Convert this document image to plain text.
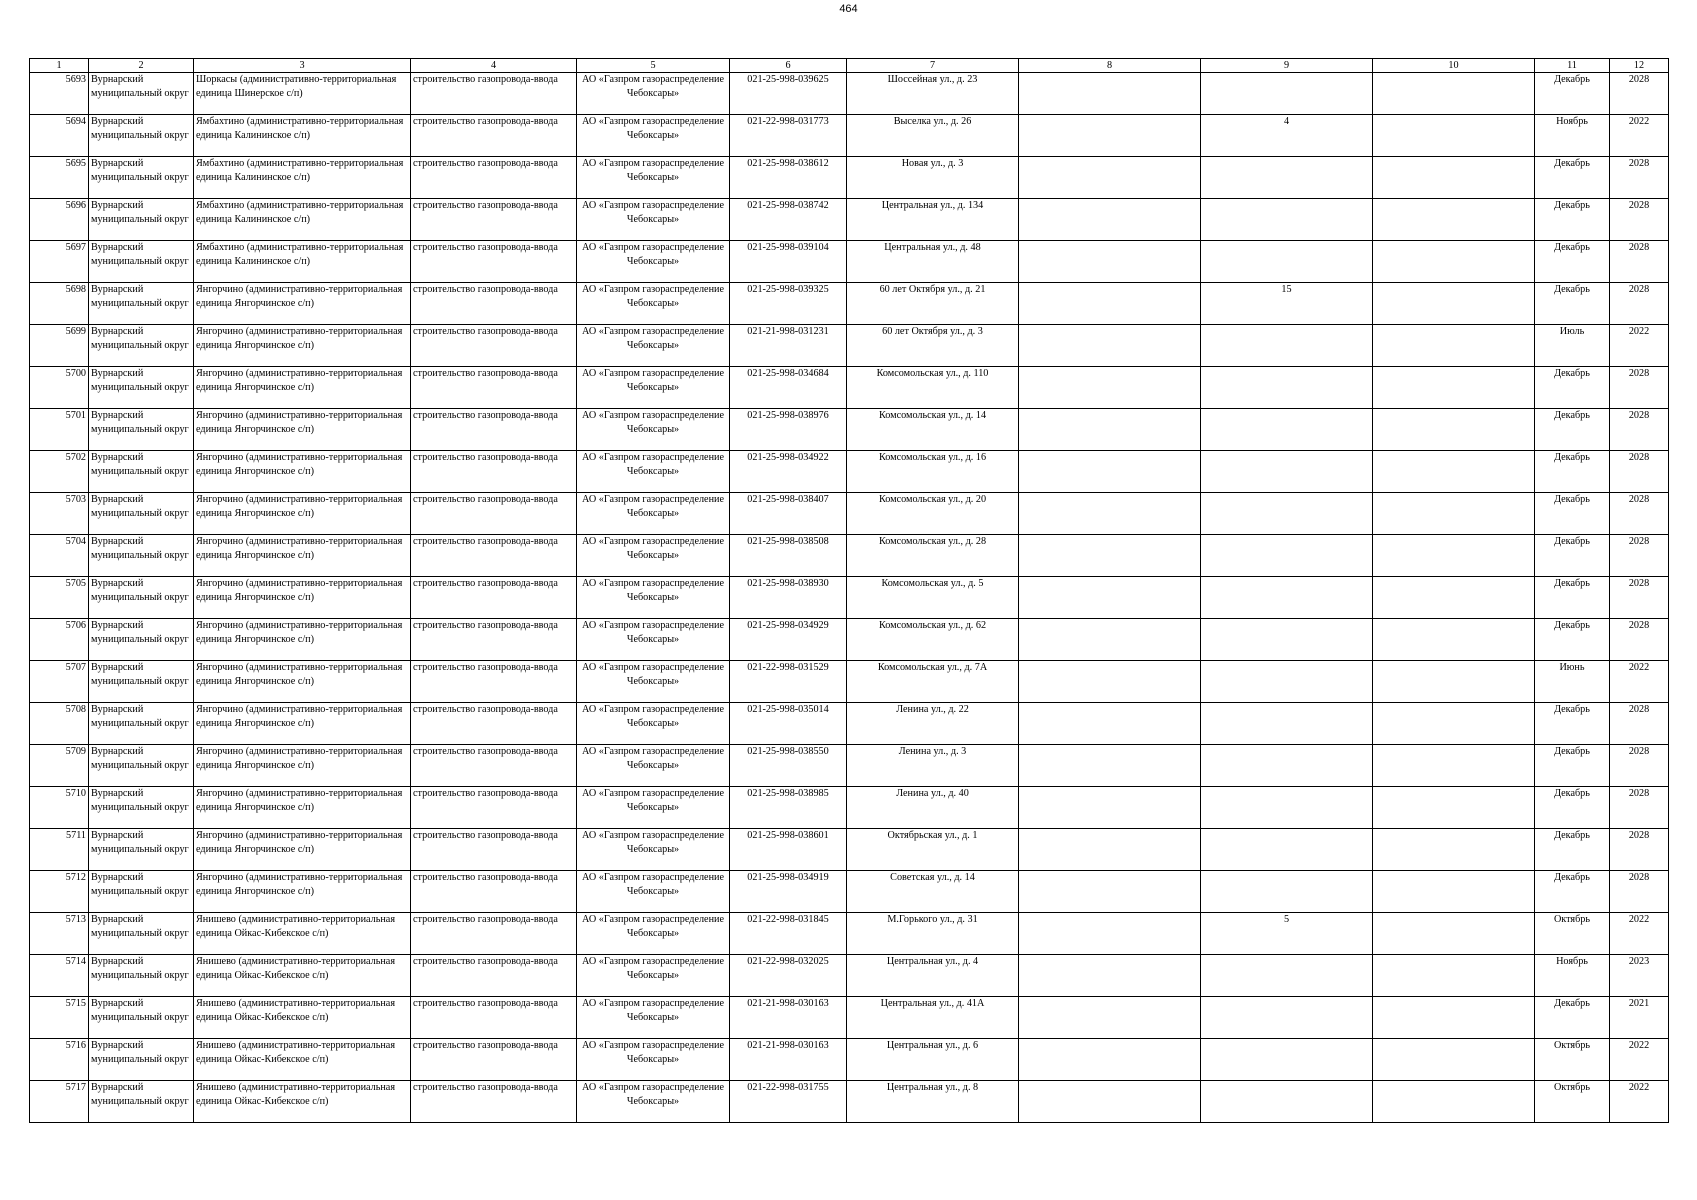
464
1	2	3	4	5	6	7	8	9	10	11	12

5693	Вурнарский муниципальный округ	Шоркасы (административно-территориальная единица Шинерское с/п)	строительство газопровода-ввода	АО «Газпром газораспределение Чебоксары»	021-25-998-039625	Шоссейная ул., д. 23				Декабрь	2028

5694	Вурнарский муниципальный округ	Ямбахтино (административно-территориальная единица Калининское с/п)	строительство газопровода-ввода	АО «Газпром газораспределение Чебоксары»	021-22-998-031773	Выселка ул., д. 26		4		Ноябрь	2022

5695	Вурнарский муниципальный округ	Ямбахтино (административно-территориальная единица Калининское с/п)	строительство газопровода-ввода	АО «Газпром газораспределение Чебоксары»	021-25-998-038612	Новая ул., д. 3				Декабрь	2028

5696	Вурнарский муниципальный округ	Ямбахтино (административно-территориальная единица Калининское с/п)	строительство газопровода-ввода	АО «Газпром газораспределение Чебоксары»	021-25-998-038742	Центральная ул., д. 134				Декабрь	2028

5697	Вурнарский муниципальный округ	Ямбахтино (административно-территориальная единица Калининское с/п)	строительство газопровода-ввода	АО «Газпром газораспределение Чебоксары»	021-25-998-039104	Центральная ул., д. 48				Декабрь	2028

5698	Вурнарский муниципальный округ	Янгорчино (административно-территориальная единица Янгорчинское с/п)	строительство газопровода-ввода	АО «Газпром газораспределение Чебоксары»	021-25-998-039325	60 лет Октября ул., д. 21		15		Декабрь	2028

5699	Вурнарский муниципальный округ	Янгорчино (административно-территориальная единица Янгорчинское с/п)	строительство газопровода-ввода	АО «Газпром газораспределение Чебоксары»	021-21-998-031231	60 лет Октября ул., д. 3				Июль	2022

5700	Вурнарский муниципальный округ	Янгорчино (административно-территориальная единица Янгорчинское с/п)	строительство газопровода-ввода	АО «Газпром газораспределение Чебоксары»	021-25-998-034684	Комсомольская ул., д. 110				Декабрь	2028

5701	Вурнарский муниципальный округ	Янгорчино (административно-территориальная единица Янгорчинское с/п)	строительство газопровода-ввода	АО «Газпром газораспределение Чебоксары»	021-25-998-038976	Комсомольская ул., д. 14				Декабрь	2028

5702	Вурнарский муниципальный округ	Янгорчино (административно-территориальная единица Янгорчинское с/п)	строительство газопровода-ввода	АО «Газпром газораспределение Чебоксары»	021-25-998-034922	Комсомольская ул., д. 16				Декабрь	2028

5703	Вурнарский муниципальный округ	Янгорчино (административно-территориальная единица Янгорчинское с/п)	строительство газопровода-ввода	АО «Газпром газораспределение Чебоксары»	021-25-998-038407	Комсомольская ул., д. 20				Декабрь	2028

5704	Вурнарский муниципальный округ	Янгорчино (административно-территориальная единица Янгорчинское с/п)	строительство газопровода-ввода	АО «Газпром газораспределение Чебоксары»	021-25-998-038508	Комсомольская ул., д. 28				Декабрь	2028

5705	Вурнарский муниципальный округ	Янгорчино (административно-территориальная единица Янгорчинское с/п)	строительство газопровода-ввода	АО «Газпром газораспределение Чебоксары»	021-25-998-038930	Комсомольская ул., д. 5				Декабрь	2028

5706	Вурнарский муниципальный округ	Янгорчино (административно-территориальная единица Янгорчинское с/п)	строительство газопровода-ввода	АО «Газпром газораспределение Чебоксары»	021-25-998-034929	Комсомольская ул., д. 62				Декабрь	2028

5707	Вурнарский муниципальный округ	Янгорчино (административно-территориальная единица Янгорчинское с/п)	строительство газопровода-ввода	АО «Газпром газораспределение Чебоксары»	021-22-998-031529	Комсомольская ул., д. 7А				Июнь	2022

5708	Вурнарский муниципальный округ	Янгорчино (административно-территориальная единица Янгорчинское с/п)	строительство газопровода-ввода	АО «Газпром газораспределение Чебоксары»	021-25-998-035014	Ленина ул., д. 22				Декабрь	2028

5709	Вурнарский муниципальный округ	Янгорчино (административно-территориальная единица Янгорчинское с/п)	строительство газопровода-ввода	АО «Газпром газораспределение Чебоксары»	021-25-998-038550	Ленина ул., д. 3				Декабрь	2028

5710	Вурнарский муниципальный округ	Янгорчино (административно-территориальная единица Янгорчинское с/п)	строительство газопровода-ввода	АО «Газпром газораспределение Чебоксары»	021-25-998-038985	Ленина ул., д. 40				Декабрь	2028

5711	Вурнарский муниципальный округ	Янгорчино (административно-территориальная единица Янгорчинское с/п)	строительство газопровода-ввода	АО «Газпром газораспределение Чебоксары»	021-25-998-038601	Октябрьская ул., д. 1				Декабрь	2028

5712	Вурнарский муниципальный округ	Янгорчино (административно-территориальная единица Янгорчинское с/п)	строительство газопровода-ввода	АО «Газпром газораспределение Чебоксары»	021-25-998-034919	Советская ул., д. 14				Декабрь	2028

5713	Вурнарский муниципальный округ	Янишево (административно-территориальная единица Ойкас-Кибекское с/п)	строительство газопровода-ввода	АО «Газпром газораспределение Чебоксары»	021-22-998-031845	М.Горького ул., д. 31		5		Октябрь	2022

5714	Вурнарский муниципальный округ	Янишево (административно-территориальная единица Ойкас-Кибекское с/п)	строительство газопровода-ввода	АО «Газпром газораспределение Чебоксары»	021-22-998-032025	Центральная ул., д. 4				Ноябрь	2023

5715	Вурнарский муниципальный округ	Янишево (административно-территориальная единица Ойкас-Кибекское с/п)	строительство газопровода-ввода	АО «Газпром газораспределение Чебоксары»	021-21-998-030163	Центральная ул., д. 41А				Декабрь	2021

5716	Вурнарский муниципальный округ	Янишево (административно-территориальная единица Ойкас-Кибекское с/п)	строительство газопровода-ввода	АО «Газпром газораспределение Чебоксары»	021-21-998-030163	Центральная ул., д. 6				Октябрь	2022

5717	Вурнарский муниципальный округ	Янишево (административно-территориальная единица Ойкас-Кибекское с/п)	строительство газопровода-ввода	АО «Газпром газораспределение Чебоксары»	021-22-998-031755	Центральная ул., д. 8				Октябрь	2022
